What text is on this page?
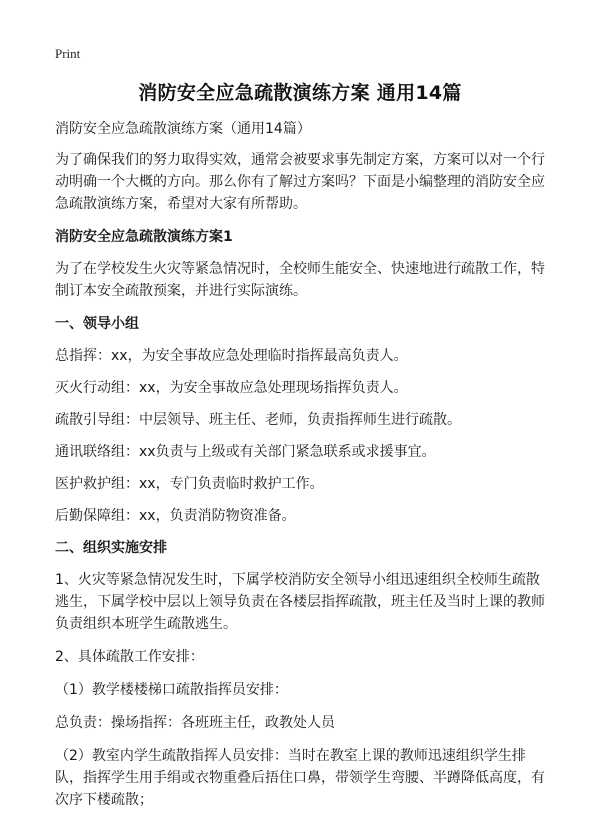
Print
消防安全应急疏散演练方案 通用14篇

消防安全应急疏散演练方案（通用14篇）

为了确保我们的努力取得实效，通常会被要求事先制定方案，方案可以对一个行动明确一个大概的方向。那么你有了解过方案吗？下面是小编整理的消防安全应急疏散演练方案，希望对大家有所帮助。

消防安全应急疏散演练方案1

为了在学校发生火灾等紧急情况时，全校师生能安全、快速地进行疏散工作，特制订本安全疏散预案，并进行实际演练。

一、领导小组

总指挥：xx，为安全事故应急处理临时指挥最高负责人。

灭火行动组：xx，为安全事故应急处理现场指挥负责人。

疏散引导组：中层领导、班主任、老师，负责指挥师生进行疏散。

通讯联络组：xx负责与上级或有关部门紧急联系或求援事宜。

医护救护组：xx，专门负责临时救护工作。

后勤保障组：xx，负责消防物资准备。

二、组织实施安排

1、火灾等紧急情况发生时，下属学校消防安全领导小组迅速组织全校师生疏散逃生，下属学校中层以上领导负责在各楼层指挥疏散，班主任及当时上课的教师负责组织本班学生疏散逃生。

2、具体疏散工作安排：

（1）教学楼楼梯口疏散指挥员安排：

总负责：操场指挥：各班班主任，政教处人员

（2）教室内学生疏散指挥人员安排：当时在教室上课的教师迅速组织学生排队，指挥学生用手绢或衣物重叠后捂住口鼻，带领学生弯腰、半蹲降低高度，有次序下楼疏散；
